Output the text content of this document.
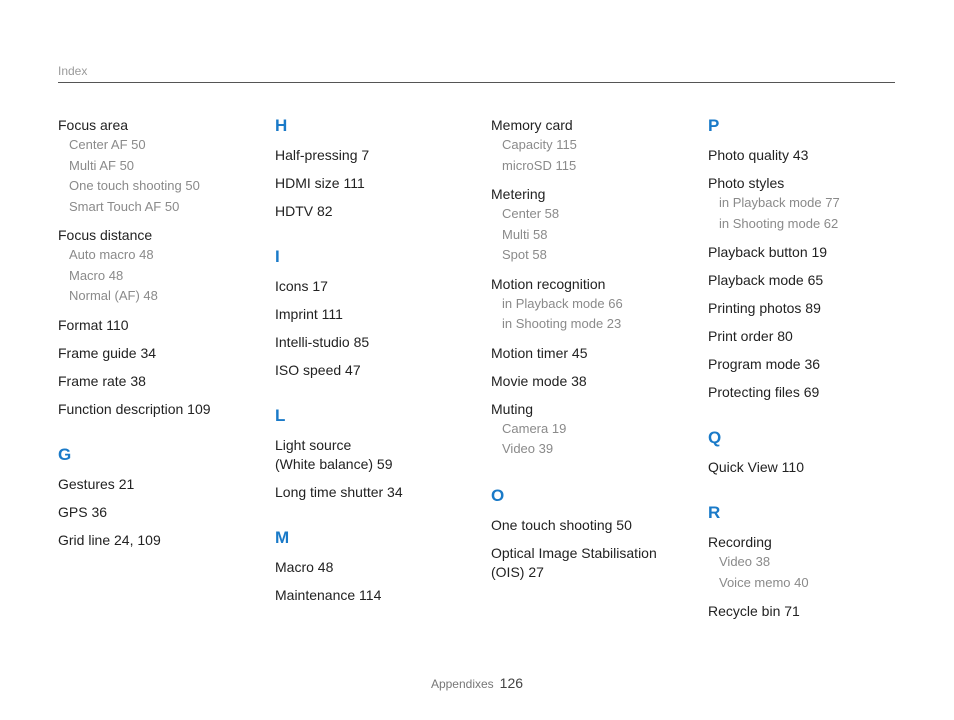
Index
Focus area
Center AF 50
Multi AF 50
One touch shooting 50
Smart Touch AF 50
Focus distance
Auto macro 48
Macro 48
Normal (AF) 48
Format 110
Frame guide 34
Frame rate 38
Function description 109
G
Gestures 21
GPS 36
Grid line 24, 109
H
Half-pressing 7
HDMI size 111
HDTV 82
I
Icons 17
Imprint 111
Intelli-studio 85
ISO speed 47
L
Light source
(White balance) 59
Long time shutter 34
M
Macro 48
Maintenance 114
Memory card
Capacity 115
microSD 115
Metering
Center 58
Multi 58
Spot 58
Motion recognition
in Playback mode 66
in Shooting mode 23
Motion timer 45
Movie mode 38
Muting
Camera 19
Video 39
O
One touch shooting 50
Optical Image Stabilisation
(OIS) 27
P
Photo quality 43
Photo styles
in Playback mode 77
in Shooting mode 62
Playback button 19
Playback mode 65
Printing photos 89
Print order 80
Program mode 36
Protecting files 69
Q
Quick View 110
R
Recording
Video 38
Voice memo 40
Recycle bin 71
Appendixes 126
